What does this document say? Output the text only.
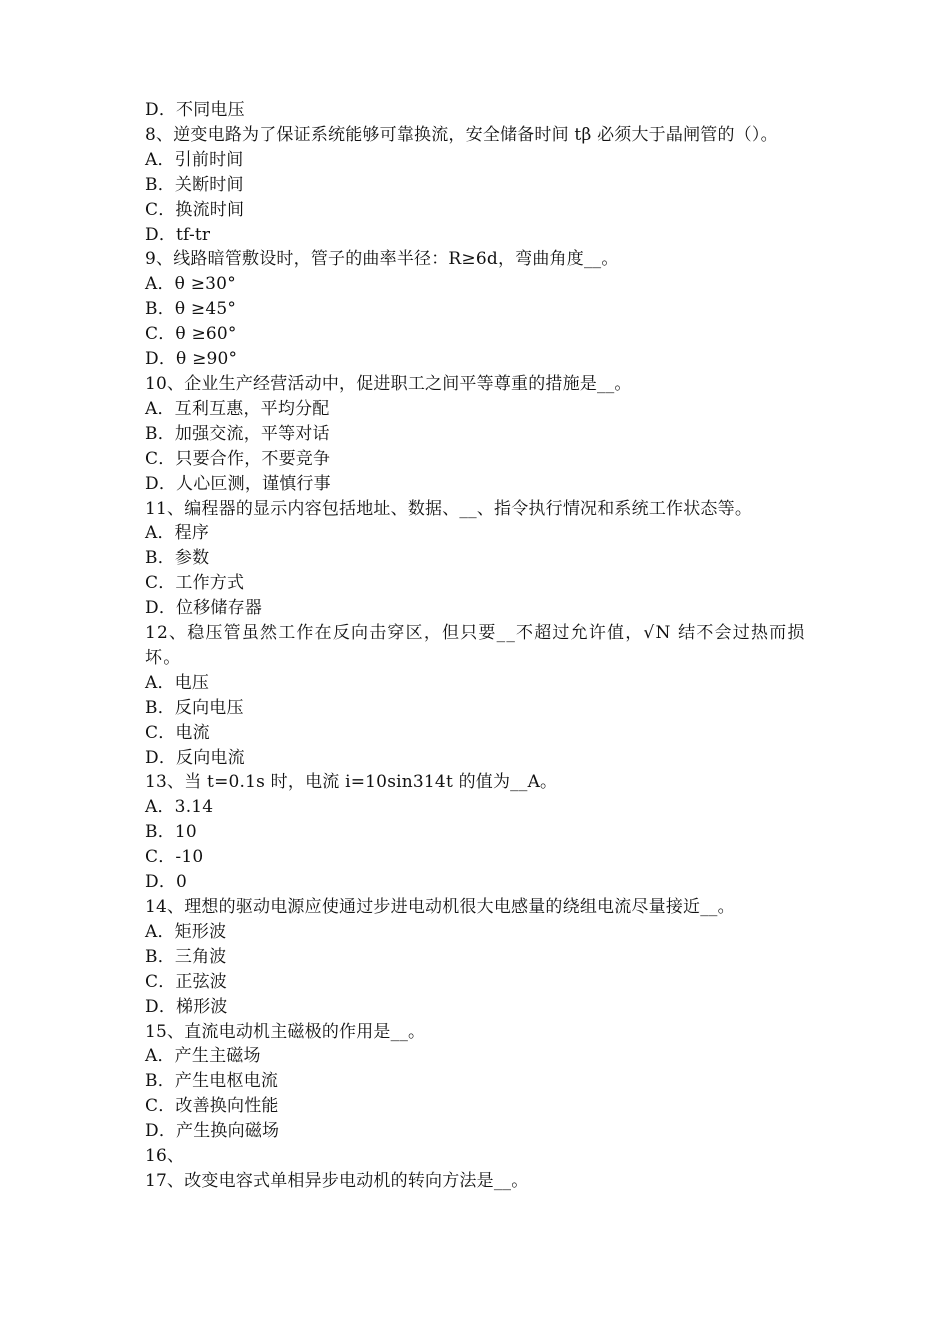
D．不同电压
8、逆变电路为了保证系统能够可靠换流，安全储备时间 tβ 必须大于晶闸管的（）。
A．引前时间
B．关断时间
C．换流时间
D．tf-tr
9、线路暗管敷设时，管子的曲率半径：R≥6d，弯曲角度__。
A．θ ≥30°
B．θ ≥45°
C．θ ≥60°
D．θ ≥90°
10、企业生产经营活动中，促进职工之间平等尊重的措施是__。
A．互利互惠，平均分配
B．加强交流，平等对话
C．只要合作，不要竞争
D．人心叵测，谨慎行事
11、编程器的显示内容包括地址、数据、__、指令执行情况和系统工作状态等。
A．程序
B．参数
C．工作方式
D．位移储存器
12、稳压管虽然工作在反向击穿区，但只要__不超过允许值，√N 结不会过热而损坏。
A．电压
B．反向电压
C．电流
D．反向电流
13、当 t=0.1s 时，电流 i=10sin314t 的值为__A。
A．3.14
B．10
C．-10
D．0
14、理想的驱动电源应使通过步进电动机很大电感量的绕组电流尽量接近__。
A．矩形波
B．三角波
C．正弦波
D．梯形波
15、直流电动机主磁极的作用是__。
A．产生主磁场
B．产生电枢电流
C．改善换向性能
D．产生换向磁场
16、
17、改变电容式单相异步电动机的转向方法是__。
